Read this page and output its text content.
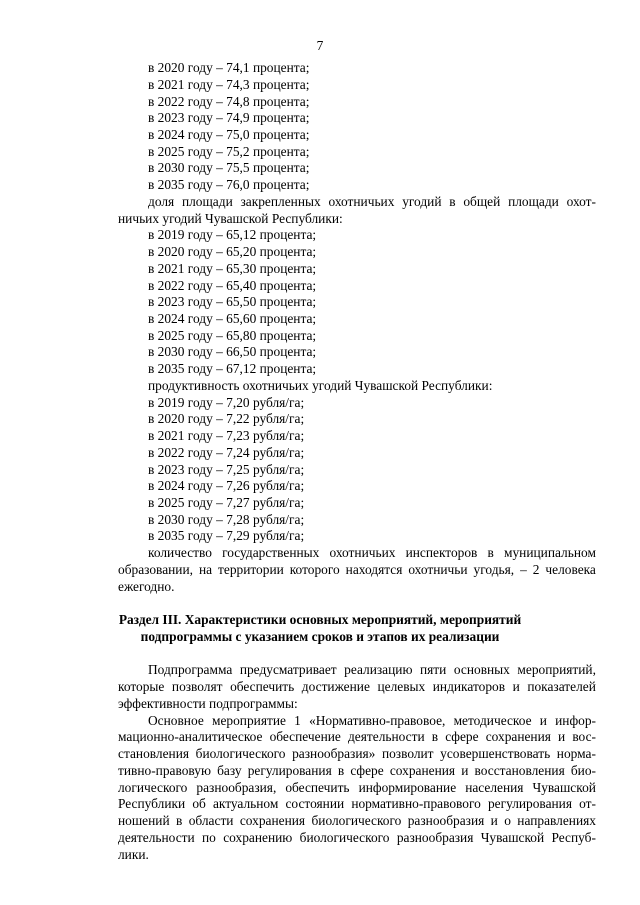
7
в 2020 году – 74,1 процента;
в 2021 году – 74,3 процента;
в 2022 году – 74,8 процента;
в 2023 году – 74,9 процента;
в 2024 году – 75,0 процента;
в 2025 году – 75,2 процента;
в 2030 году – 75,5 процента;
в 2035 году – 76,0 процента;
доля площади закрепленных охотничьих угодий в общей площади охот-
ничьих угодий Чувашской Республики:
в 2019 году – 65,12 процента;
в 2020 году – 65,20 процента;
в 2021 году – 65,30 процента;
в 2022 году – 65,40 процента;
в 2023 году – 65,50 процента;
в 2024 году – 65,60 процента;
в 2025 году – 65,80 процента;
в 2030 году – 66,50 процента;
в 2035 году – 67,12 процента;
продуктивность охотничьих угодий Чувашской Республики:
в 2019 году – 7,20 рубля/га;
в 2020 году – 7,22 рубля/га;
в 2021 году – 7,23 рубля/га;
в 2022 году – 7,24 рубля/га;
в 2023 году – 7,25 рубля/га;
в 2024 году – 7,26 рубля/га;
в 2025 году – 7,27 рубля/га;
в 2030 году – 7,28 рубля/га;
в 2035 году – 7,29 рубля/га;
количество государственных охотничьих инспекторов в муниципальном
образовании, на территории которого находятся охотничьи угодья, – 2 человека
ежегодно.
Раздел III. Характеристики основных мероприятий, мероприятий
подпрограммы с указанием сроков и этапов их реализации
Подпрограмма предусматривает реализацию пяти основных мероприятий,
которые позволят обеспечить достижение целевых индикаторов и показателей
эффективности подпрограммы:
Основное мероприятие 1 «Нормативно-правовое, методическое и инфор-
мационно-аналитическое обеспечение деятельности в сфере сохранения и вос-
становления биологического разнообразия» позволит усовершенствовать норма-
тивно-правовую базу регулирования в сфере сохранения и восстановления био-
логического разнообразия, обеспечить информирование населения Чувашской
Республики об актуальном состоянии нормативно-правового регулирования от-
ношений в области сохранения биологического разнообразия и о направлениях
деятельности по сохранению биологического разнообразия Чувашской Респуб-
лики.
